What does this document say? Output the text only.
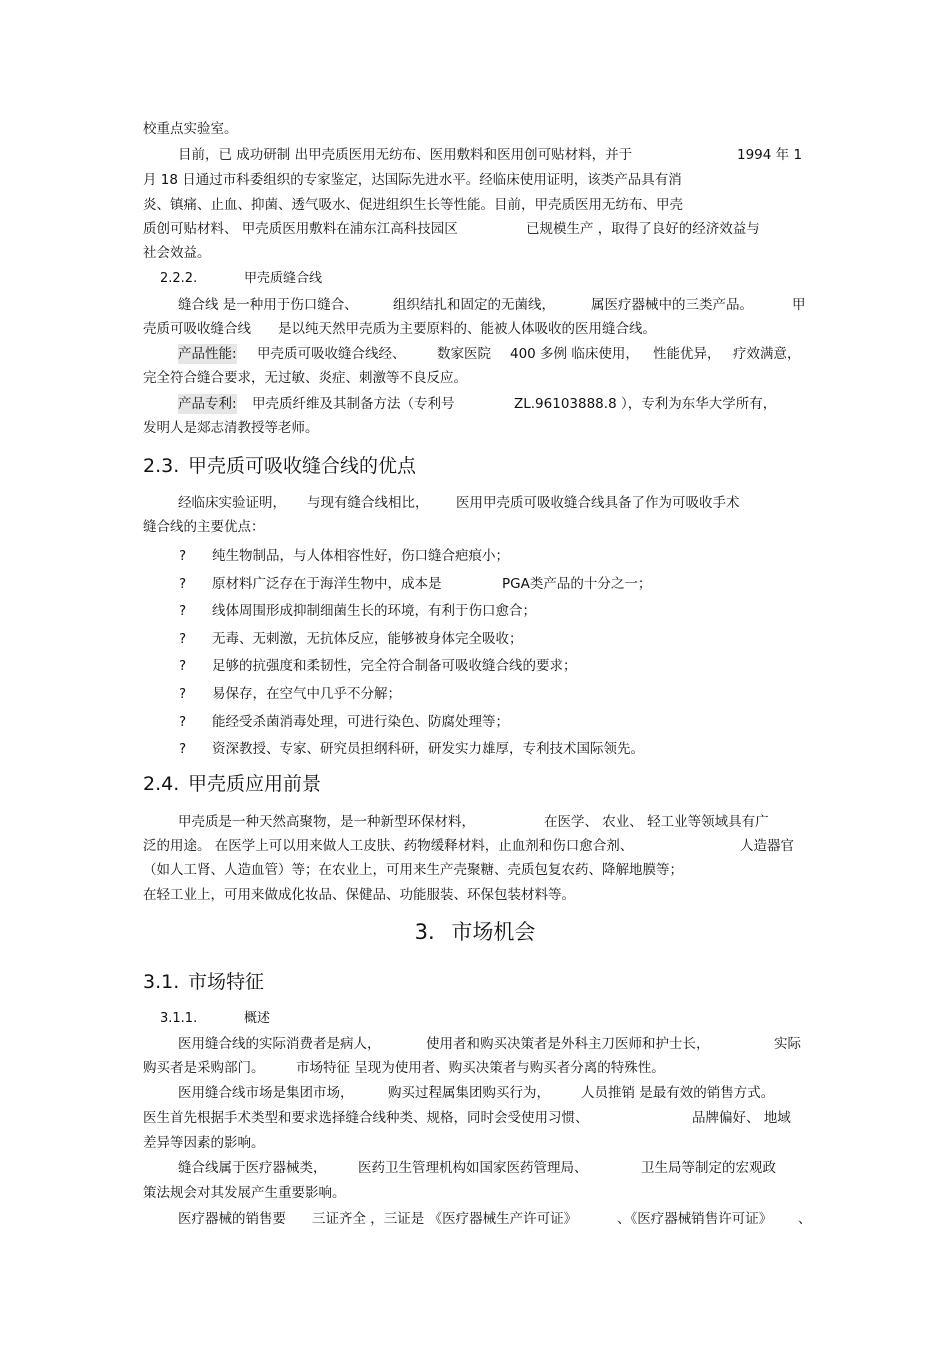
校重点实验室。
目前，已 成功研制 出甲壳质医用无纺布、医用敷料和医用创可贴材料，并于	1994 年 1
月 18 日通过市科委组织的专家鉴定，达国际先进水平。经临床使用证明，该类产品具有消
炎、镇痛、止血、抑菌、透气吸水、促进组织生长等性能。目前，甲壳质医用无纺布、甲壳
质创可贴材料、 甲壳质医用敷料在浦东江高科技园区	已规模生产 ，取得了良好的经济效益与
社会效益。
2.2.2.	甲壳质缝合线
缝合线 是一种用于伤口缝合、	组织结扎和固定的无菌线，	属医疗器械中的三类产品。	甲
壳质可吸收缝合线 是以纯天然甲壳质为主要原料的、能被人体吸收的医用缝合线。
产品性能: 甲壳质可吸收缝合线经、 数家医院 400 多例 临床使用， 性能优异， 疗效满意，
完全符合缝合要求，无过敏、炎症、刺激等不良反应。
产品专利: 甲壳质纤维及其制备方法（专利号	ZL.96103888.8 ），专利为东华大学所有，
发明人是郯志清教授等老师。
2.3. 甲壳质可吸收缝合线的优点
经临床实验证明， 与现有缝合线相比， 医用甲壳质可吸收缝合线具备了作为可吸收手术
缝合线的主要优点：
? 纯生物制品，与人体相容性好，伤口缝合疤痕小；
? 原材料广泛存在于海洋生物中，成本是	PGA类产品的十分之一；
? 线体周围形成抑制细菌生长的环境，有利于伤口愈合；
? 无毒、无刺激，无抗体反应，能够被身体完全吸收；
? 足够的抗强度和柔韧性，完全符合制备可吸收缝合线的要求；
? 易保存，在空气中几乎不分解；
? 能经受杀菌消毒处理，可进行染色、防腐处理等；
? 资深教授、专家、研究员担纲科研，研发实力雄厚，专利技术国际领先。
2.4. 甲壳质应用前景
甲壳质是一种天然高聚物，是一种新型环保材料，	在医学、 农业、 轻工业等领域具有广
泛的用途。 在医学上可以用来做人工皮肤、药物缓释材料，止血剂和伤口愈合剂、	人造器官
（如人工肾、人造血管）等；在农业上，可用来生产壳聚糖、壳质包复农药、降解地膜等；
在轻工业上，可用来做成化妆品、保健品、功能服装、环保包装材料等。
3. 市场机会
3.1. 市场特征
3.1.1.	概述
医用缝合线的实际消费者是病人，	使用者和购买决策者是外科主刀医师和护士长，	实际
购买者是采购部门。 市场特征 呈现为使用者、购买决策者与购买者分离的特殊性。
医用缝合线市场是集团市场，	购买过程属集团购买行为， 人员推销 是最有效的销售方式。
医生首先根据手术类型和要求选择缝合线种类、规格，同时会受使用习惯、	品牌偏好、 地域
差异等因素的影响。
缝合线属于医疗器械类， 医药卫生管理机构如国家医药管理局、	卫生局等制定的宏观政
策法规会对其发展产生重要影响。
医疗器械的销售要 三证齐全 ，三证是 《医疗器械生产许可证》	、《医疗器械销售许可证》 、
